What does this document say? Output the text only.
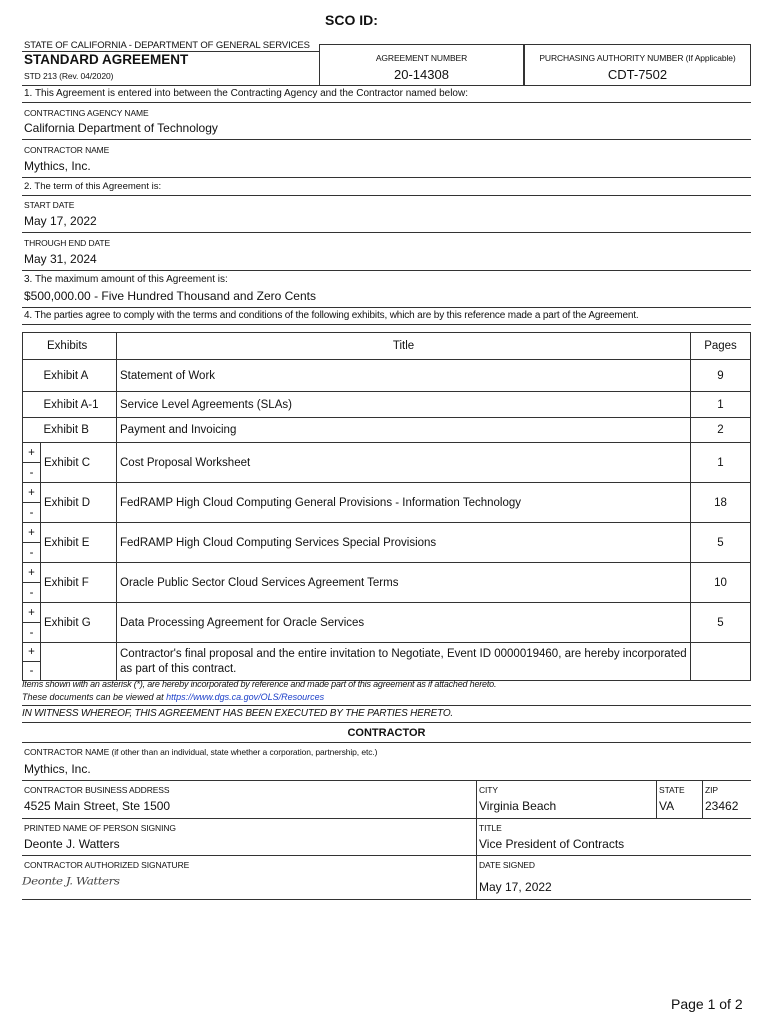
SCO ID:
STATE OF CALIFORNIA - DEPARTMENT OF GENERAL SERVICES
STANDARD AGREEMENT
STD 213 (Rev. 04/2020)
AGREEMENT NUMBER
20-14308
PURCHASING AUTHORITY NUMBER (If Applicable)
CDT-7502
1. This Agreement is entered into between the Contracting Agency and the Contractor named below:
CONTRACTING AGENCY NAME
California Department of Technology
CONTRACTOR NAME
Mythics, Inc.
2. The term of this Agreement is:
START DATE
May 17, 2022
THROUGH END DATE
May 31, 2024
3. The maximum amount of this Agreement is:
$500,000.00 - Five Hundred Thousand and Zero Cents
4. The parties agree to comply with the terms and conditions of the following exhibits, which are by this reference made a part of the Agreement.
Exhibits		Title	Pages
	Exhibit A	Statement of Work	9
	Exhibit A-1	Service Level Agreements (SLAs)	1
	Exhibit B	Payment and Invoicing	2

+
-	Exhibit C	Cost Proposal Worksheet	1

+
-	Exhibit D	FedRAMP High Cloud Computing General Provisions - Information Technology	18

+
-	Exhibit E	FedRAMP High Cloud Computing Services Special Provisions	5

+
-	Exhibit F	Oracle Public Sector Cloud Services Agreement Terms	10

+
-	Exhibit G	Data Processing Agreement for Oracle Services	5

+
-		Contractor's final proposal and the entire invitation to Negotiate, Event ID 0000019460, are hereby incorporated as part of this contract.	
Items shown with an asterisk (*), are hereby incorporated by reference and made part of this agreement as if attached hereto.
These documents can be viewed at https://www.dgs.ca.gov/OLS/Resources
IN WITNESS WHEREOF, THIS AGREEMENT HAS BEEN EXECUTED BY THE PARTIES HERETO.
CONTRACTOR
CONTRACTOR NAME (if other than an individual, state whether a corporation, partnership, etc.)
Mythics, Inc.
CONTRACTOR BUSINESS ADDRESS
4525 Main Street, Ste 1500
CITY
Virginia Beach
STATE
VA
ZIP
23462
PRINTED NAME OF PERSON SIGNING
Deonte J. Watters
TITLE
Vice President of Contracts
CONTRACTOR AUTHORIZED SIGNATURE
Deonte J. Watters
DATE SIGNED
May 17, 2022
Page 1 of 2
